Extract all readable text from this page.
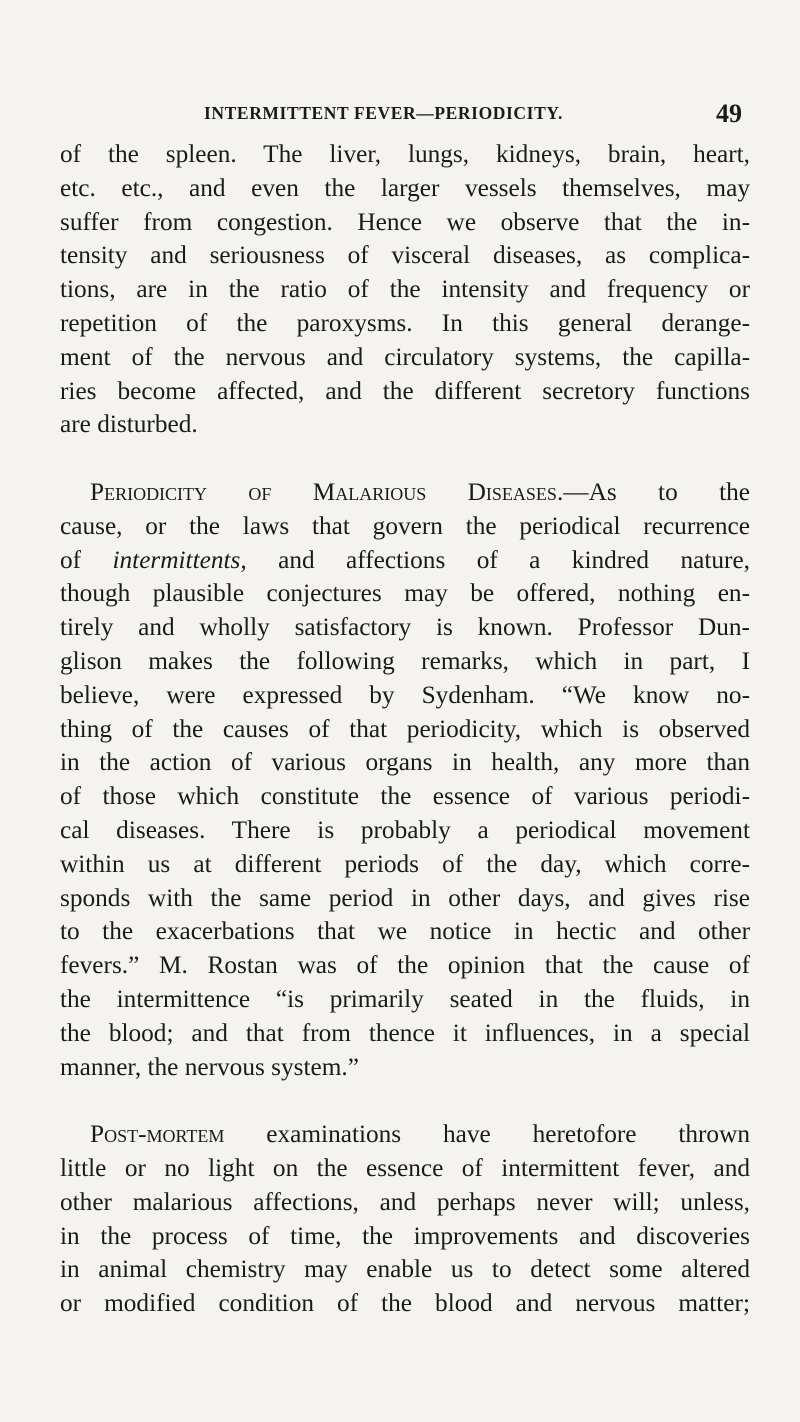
INTERMITTENT FEVER—PERIODICITY.	49
of the spleen. The liver, lungs, kidneys, brain, heart,
etc. etc., and even the larger vessels themselves, may
suffer from congestion. Hence we observe that the in-
tensity and seriousness of visceral diseases, as complica-
tions, are in the ratio of the intensity and frequency or
repetition of the paroxysms. In this general derange-
ment of the nervous and circulatory systems, the capilla-
ries become affected, and the different secretory functions
are disturbed.
Periodicity of Malarious Diseases.—As to the
cause, or the laws that govern the periodical recurrence
of intermittents, and affections of a kindred nature,
though plausible conjectures may be offered, nothing en-
tirely and wholly satisfactory is known. Professor Dun-
glison makes the following remarks, which in part, I
believe, were expressed by Sydenham. “We know no-
thing of the causes of that periodicity, which is observed
in the action of various organs in health, any more than
of those which constitute the essence of various periodi-
cal diseases. There is probably a periodical movement
within us at different periods of the day, which corre-
sponds with the same period in other days, and gives rise
to the exacerbations that we notice in hectic and other
fevers.” M. Rostan was of the opinion that the cause of
the intermittence “is primarily seated in the fluids, in
the blood; and that from thence it influences, in a special
manner, the nervous system.”
Post-mortem examinations have heretofore thrown
little or no light on the essence of intermittent fever, and
other malarious affections, and perhaps never will; unless,
in the process of time, the improvements and discoveries
in animal chemistry may enable us to detect some altered
or modified condition of the blood and nervous matter;
